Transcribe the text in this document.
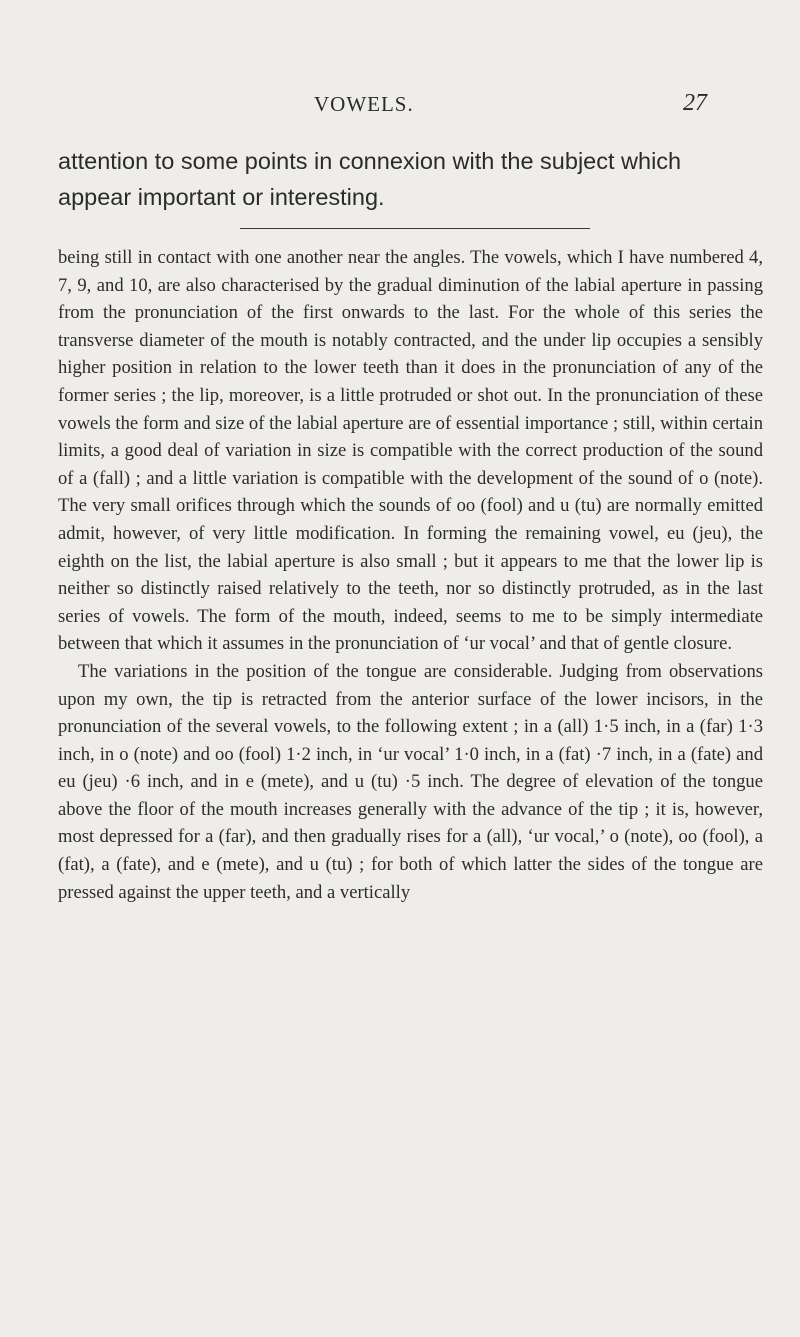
VOWELS.	27
attention to some points in connexion with the subject which appear important or interesting.

being still in contact with one another near the angles. The vowels, which I have numbered 4, 7, 9, and 10, are also characterised by the gradual diminution of the labial aperture in passing from the pronunciation of the first onwards to the last. For the whole of this series the transverse diameter of the mouth is notably contracted, and the under lip occupies a sensibly higher position in relation to the lower teeth than it does in the pronunciation of any of the former series ; the lip, moreover, is a little protruded or shot out. In the pronunciation of these vowels the form and size of the labial aperture are of essential importance ; still, within certain limits, a good deal of variation in size is compatible with the correct production of the sound of a (fall) ; and a little variation is compatible with the development of the sound of o (note). The very small orifices through which the sounds of oo (fool) and u (tu) are normally emitted admit, however, of very little modification. In forming the remaining vowel, eu (jeu), the eighth on the list, the labial aperture is also small ; but it appears to me that the lower lip is neither so distinctly raised relatively to the teeth, nor so distinctly protruded, as in the last series of vowels. The form of the mouth, indeed, seems to me to be simply intermediate between that which it assumes in the pronunciation of ‘ur vocal’ and that of gentle closure.

The variations in the position of the tongue are considerable. Judging from observations upon my own, the tip is retracted from the anterior surface of the lower incisors, in the pronunciation of the several vowels, to the following extent ; in a (all) 1·5 inch, in a (far) 1·3 inch, in o (note) and oo (fool) 1·2 inch, in ‘ur vocal’ 1·0 inch, in a (fat) ·7 inch, in a (fate) and eu (jeu) ·6 inch, and in e (mete), and u (tu) ·5 inch. The degree of elevation of the tongue above the floor of the mouth increases generally with the advance of the tip ; it is, however, most depressed for a (far), and then gradually rises for a (all), ‘ur vocal,’ o (note), oo (fool), a (fat), a (fate), and e (mete), and u (tu) ; for both of which latter the sides of the tongue are pressed against the upper teeth, and a vertically
